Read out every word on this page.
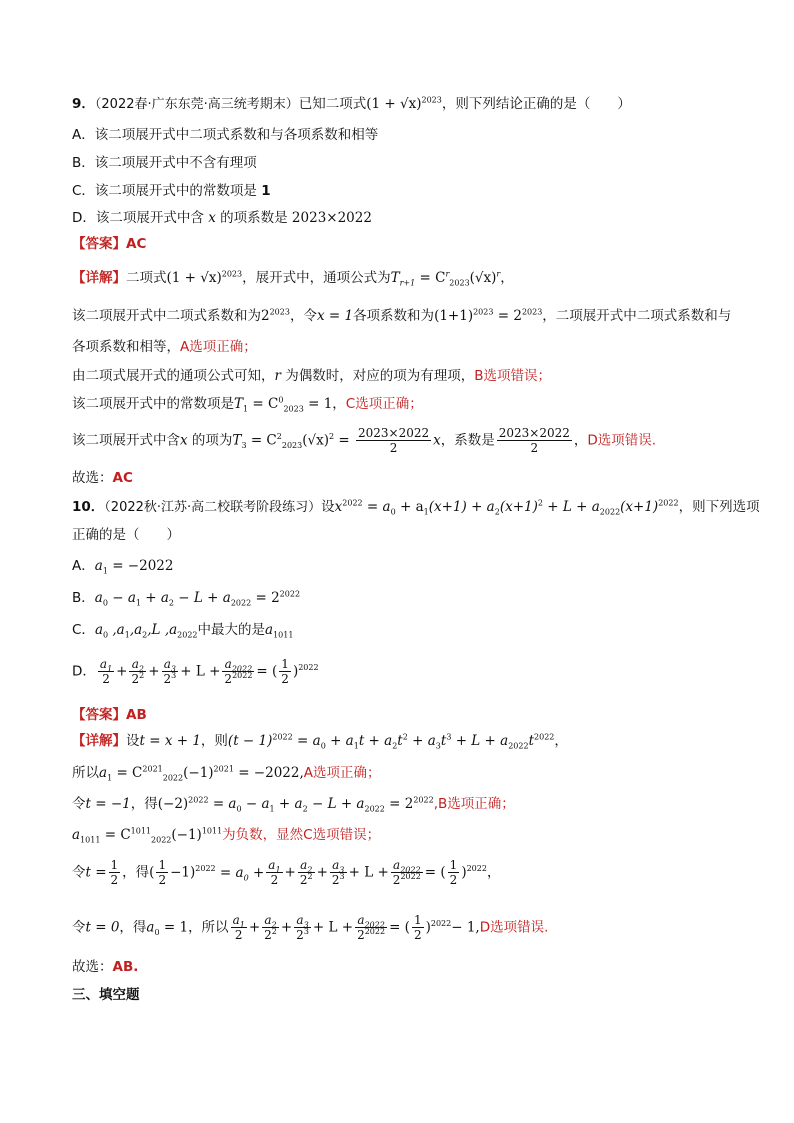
9．（2022春·广东东莞·高三统考期末）已知二项式$(1 + √x)^{2023}$，则下列结论正确的是（　　）
A．该二项展开式中二项式系数和与各项系数和相等
B．该二项展开式中不含有理项
C．该二项展开式中的常数项是 1
D．该二项展开式中含 x 的项系数是 2023×2022
【答案】AC
【详解】二项式$(1 + √x)^{2023}$，展开式中，通项公式为$T_{r+1} = C^r_{2023}(√x)^r$，
该二项展开式中二项式系数和为$2^{2023}$，令x = 1各项系数和为$(1+1)^{2023} = 2^{2023}$，二项展开式中二项式系数和与
各项系数和相等，A选项正确；
由二项式展开式的通项公式可知，r 为偶数时，对应的项为有理项，B选项错误；
该二项展开式中的常数项是$T_1 = C^0_{2023} = 1$，C选项正确；
该二项展开式中含x 的项为$T_3 = C^2_{2023}(√x)^2 = \frac{2023\times 2022}{2}$ x，系数是 $\frac{2023\times 2022}{2}$ ，D选项错误.
故选：AC
10．（2022秋·江苏·高二校联考阶段练习）设$x^{2022} = a_0 + a_1(x+1) + a_2(x+1)^2 + L + a_{2022}(x+1)^{2022}$，则下列选项
正确的是（　　）
A．$a_1 = -2022$
B．$a_0 - a_1 + a_2 - L + a_{2022} = 2^{2022}$
C．$a_0$ $,a_1,a_2,L$ $,a_{2022}$中最大的是$a_{1011}$
D． $\frac{a_1}{2} + \frac{a_2}{2^2} + \frac{a_3}{2^3} + L + \frac{a_{2022}}{2^{2022}}$ = ( $\frac{1}{2} )^{2022}$
【答案】AB
【详解】设t = x + 1，则$(t - 1)^{2022} = a_0 + a_1t + a_2t^2 + a_3t^3 + L + a_{2022}t^{2022}$，
所以$a_1 = C^{2021}_{2022}(-1)^{2021} = -2022,A$选项正确；
令t = −1，得$(-2)^{2022} = a_0 - a_1 + a_2 - L + a_{2022} = 2^{2022},B$选项正确；
$a_{1011} = C^{1011}_{2022}(-1)^{1011}$为负数，显然C选项错误；
令$t = \frac{1}{2}$ ，得( $\frac{1}{2} -1)^{2022} = a_0 + \frac{a_1}{2} + \frac{a_2}{2^2} + \frac{a_3}{2^3} + L + \frac{a_{2022}}{2^{2022}}$ = ( $\frac{1}{2} )^{2022}$，
令t = 0，得$a_0 = 1$，所以 $\frac{a_1}{2} + \frac{a_2}{2^2} + \frac{a_3}{2^3} + L + \frac{a_{2022}}{2^{2022}}$ = ( $\frac{1}{2} )^{2022}- 1,D$选项错误.
故选：AB.
三、填空题
